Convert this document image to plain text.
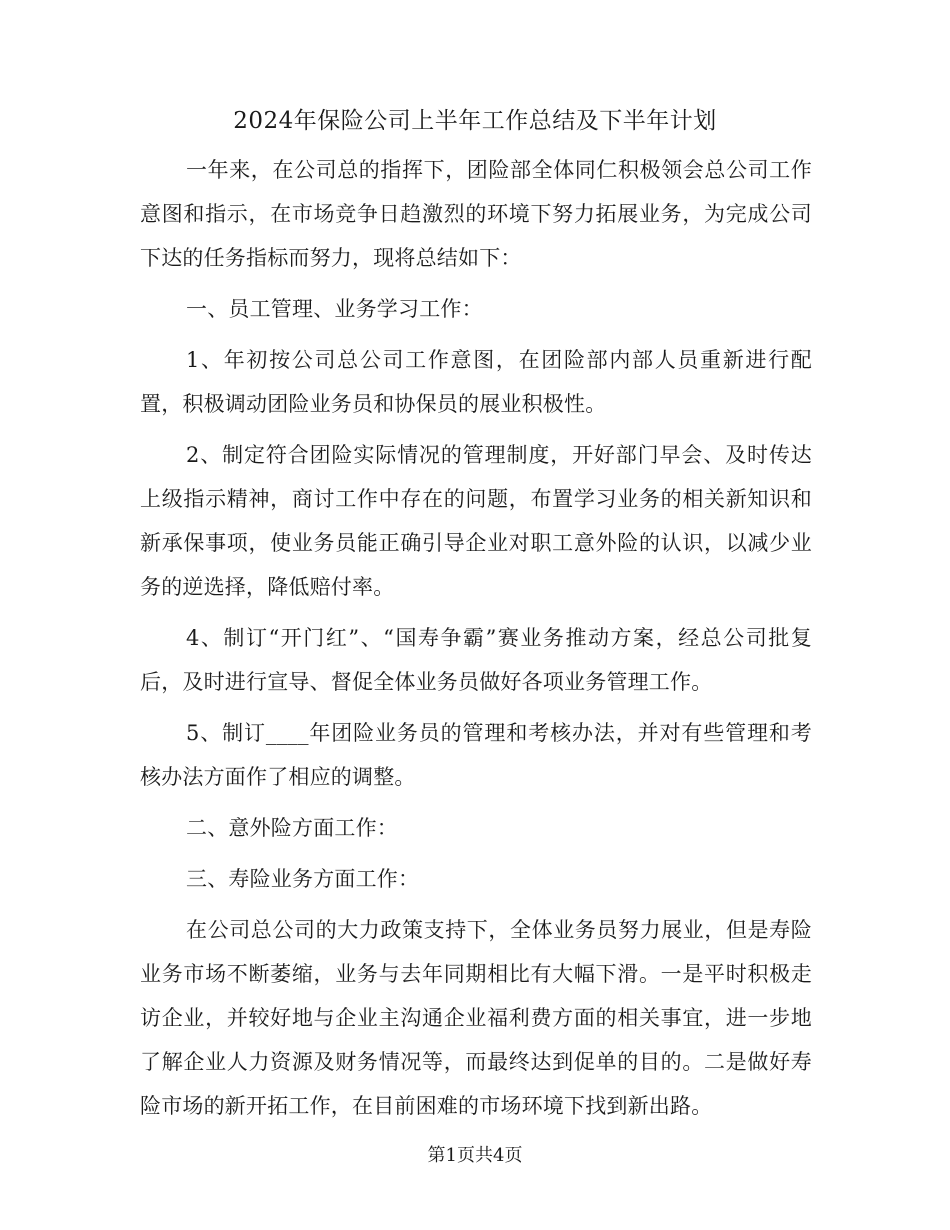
2024年保险公司上半年工作总结及下半年计划

一年来，在公司总的指挥下，团险部全体同仁积极领会总公司工作意图和指示，在市场竞争日趋激烈的环境下努力拓展业务，为完成公司下达的任务指标而努力，现将总结如下：

一、员工管理、业务学习工作：

1、年初按公司总公司工作意图，在团险部内部人员重新进行配置，积极调动团险业务员和协保员的展业积极性。

2、制定符合团险实际情况的管理制度，开好部门早会、及时传达上级指示精神，商讨工作中存在的问题，布置学习业务的相关新知识和新承保事项，使业务员能正确引导企业对职工意外险的认识，以减少业务的逆选择，降低赔付率。

4、制订“开门红”、“国寿争霸”赛业务推动方案，经总公司批复后，及时进行宣导、督促全体业务员做好各项业务管理工作。

5、制订____年团险业务员的管理和考核办法，并对有些管理和考核办法方面作了相应的调整。

二、意外险方面工作：

三、寿险业务方面工作：

在公司总公司的大力政策支持下，全体业务员努力展业，但是寿险业务市场不断萎缩，业务与去年同期相比有大幅下滑。一是平时积极走访企业，并较好地与企业主沟通企业福利费方面的相关事宜，进一步地了解企业人力资源及财务情况等，而最终达到促单的目的。二是做好寿险市场的新开拓工作，在目前困难的市场环境下找到新出路。

第1页共4页
